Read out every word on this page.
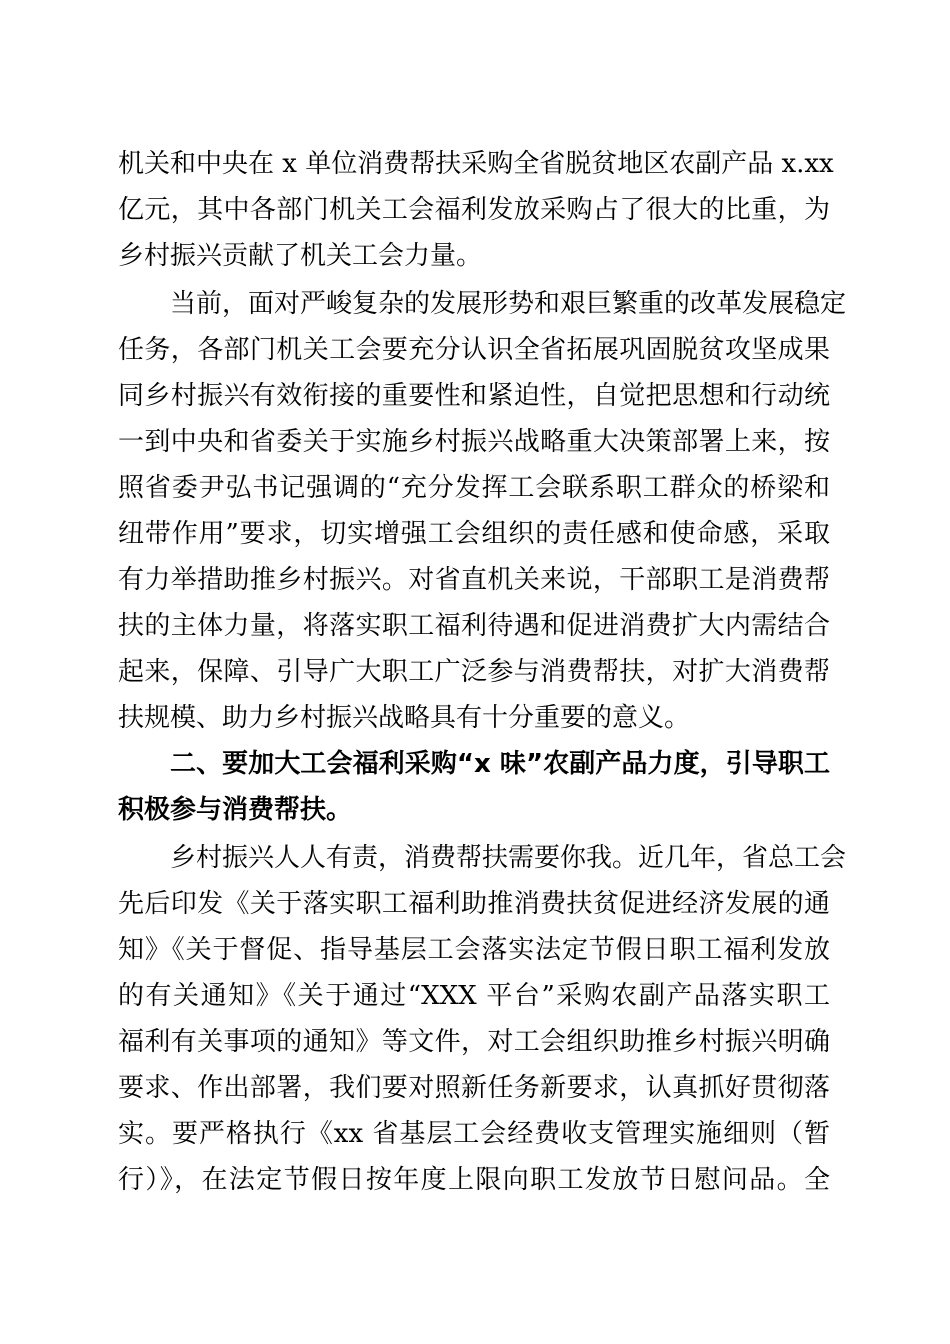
机关和中央在 x 单位消费帮扶采购全省脱贫地区农副产品 x.xx
亿元，其中各部门机关工会福利发放采购占了很大的比重，为
乡村振兴贡献了机关工会力量。
当前，面对严峻复杂的发展形势和艰巨繁重的改革发展稳定
任务，各部门机关工会要充分认识全省拓展巩固脱贫攻坚成果
同乡村振兴有效衔接的重要性和紧迫性，自觉把思想和行动统
一到中央和省委关于实施乡村振兴战略重大决策部署上来，按
照省委尹弘书记强调的“充分发挥工会联系职工群众的桥梁和
纽带作用”要求，切实增强工会组织的责任感和使命感，采取
有力举措助推乡村振兴。对省直机关来说，干部职工是消费帮
扶的主体力量，将落实职工福利待遇和促进消费扩大内需结合
起来，保障、引导广大职工广泛参与消费帮扶，对扩大消费帮
扶规模、助力乡村振兴战略具有十分重要的意义。
二、要加大工会福利采购“x 味”农副产品力度，引导职工
积极参与消费帮扶。
乡村振兴人人有责，消费帮扶需要你我。近几年，省总工会
先后印发《关于落实职工福利助推消费扶贫促进经济发展的通
知》《关于督促、指导基层工会落实法定节假日职工福利发放
的有关通知》《关于通过“XXX 平台”采购农副产品落实职工
福利有关事项的通知》等文件，对工会组织助推乡村振兴明确
要求、作出部署，我们要对照新任务新要求，认真抓好贯彻落
实。要严格执行《xx 省基层工会经费收支管理实施细则（暂
行）》，在法定节假日按年度上限向职工发放节日慰问品。全
